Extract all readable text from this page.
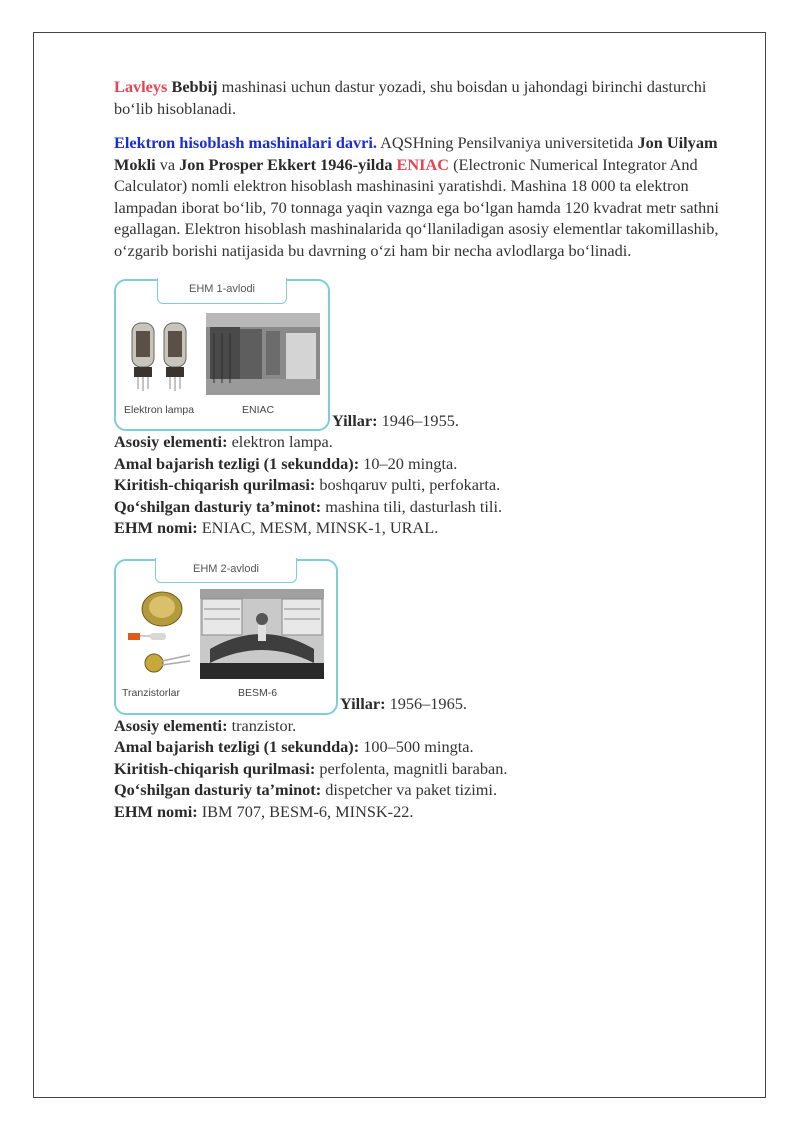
Lavleys Bebbij mashinasi uchun dastur yozadi, shu boisdan u jahondagi birinchi dasturchi bo‘lib hisoblanadi.

Elektron hisoblash mashinalari davri. AQSHning Pensilvaniya universitetida Jon Uilyam Mokli va Jon Prosper Ekkert 1946-yilda ENIAC (Electronic Numerical Integrator And Calculator) nomli elektron hisoblash mashinasini yaratishdi. Mashina 18 000 ta elektron lampadan iborat bo‘lib, 70 tonnaga yaqin vaznga ega bo‘lgan hamda 120 kvadrat metr sathni egallagan. Elektron hisoblash mashinalarida qo‘llaniladigan asosiy elementlar takomillashib, o‘zgarib borishi natijasida bu davrning o‘zi ham bir necha avlodlarga bo‘linadi.

EHM 1-avlodi
Elektron lampa	ENIAC
Yillar: 1946–1955.
Asosiy elementi: elektron lampa.
Amal bajarish tezligi (1 sekundda): 10–20 mingta.
Kiritish-chiqarish qurilmasi: boshqaruv pulti, perfokarta.
Qo‘shilgan dasturiy ta’minot: mashina tili, dasturlash tili.
EHM nomi: ENIAC, MESM, MINSK-1, URAL.
EHM 2-avlodi
Tranzistorlar	BESM-6
Yillar: 1956–1965.
Asosiy elementi: tranzistor.
Amal bajarish tezligi (1 sekundda): 100–500 mingta.
Kiritish-chiqarish qurilmasi: perfolenta, magnitli baraban.
Qo‘shilgan dasturiy ta’minot: dispetcher va paket tizimi.
EHM nomi: IBM 707, BESM-6, MINSK-22.
